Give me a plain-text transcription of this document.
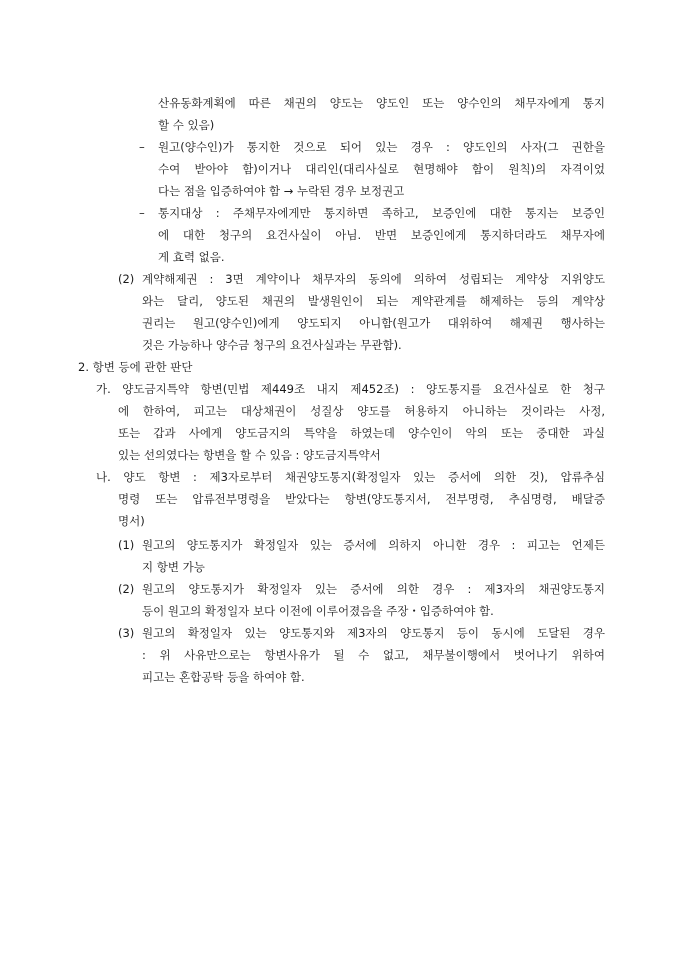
산유동화계획에 따른 채권의 양도는 양도인 또는 양수인의 채무자에게 통지
할 수 있음)
– 원고(양수인)가 통지한 것으로 되어 있는 경우 : 양도인의 사자(그 권한을
수여 받아야 함)이거나 대리인(대리사실로 현명해야 함이 원칙)의 자격이었
다는 점을 입증하여야 함 → 누락된 경우 보정권고
– 통지대상 : 주채무자에게만 통지하면 족하고, 보증인에 대한 통지는 보증인
에 대한 청구의 요건사실이 아님. 반면 보증인에게 통지하더라도 채무자에
게 효력 없음.
(2) 계약해제권 : 3면 계약이나 채무자의 동의에 의하여 성립되는 계약상 지위양도
와는 달리, 양도된 채권의 발생원인이 되는 계약관계를 해제하는 등의 계약상
권리는 원고(양수인)에게 양도되지 아니함(원고가 대위하여 해제권 행사하는
것은 가능하나 양수금 청구의 요건사실과는 무관함).
2. 항변 등에 관한 판단
가. 양도금지특약 항변(민법 제449조 내지 제452조) : 양도통지를 요건사실로 한 청구
에 한하여, 피고는 대상채권이 성질상 양도를 허용하지 아니하는 것이라는 사정,
또는 갑과 사에게 양도금지의 특약을 하였는데 양수인이 악의 또는 중대한 과실
있는 선의였다는 항변을 할 수 있음 : 양도금지특약서
나. 양도 항변 : 제3자로부터 채권양도통지(확정일자 있는 증서에 의한 것), 압류추심
명령 또는 압류전부명령을 받았다는 항변(양도통지서, 전부명령, 추심명령, 배달증
명서)
(1) 원고의 양도통지가 확정일자 있는 증서에 의하지 아니한 경우 : 피고는 언제든
지 항변 가능
(2) 원고의 양도통지가 확정일자 있는 증서에 의한 경우 : 제3자의 채권양도통지
등이 원고의 확정일자 보다 이전에 이루어졌음을 주장・입증하여야 함.
(3) 원고의 확정일자 있는 양도통지와 제3자의 양도통지 등이 동시에 도달된 경우
: 위 사유만으로는 항변사유가 될 수 없고, 채무불이행에서 벗어나기 위하여
피고는 혼합공탁 등을 하여야 함.
